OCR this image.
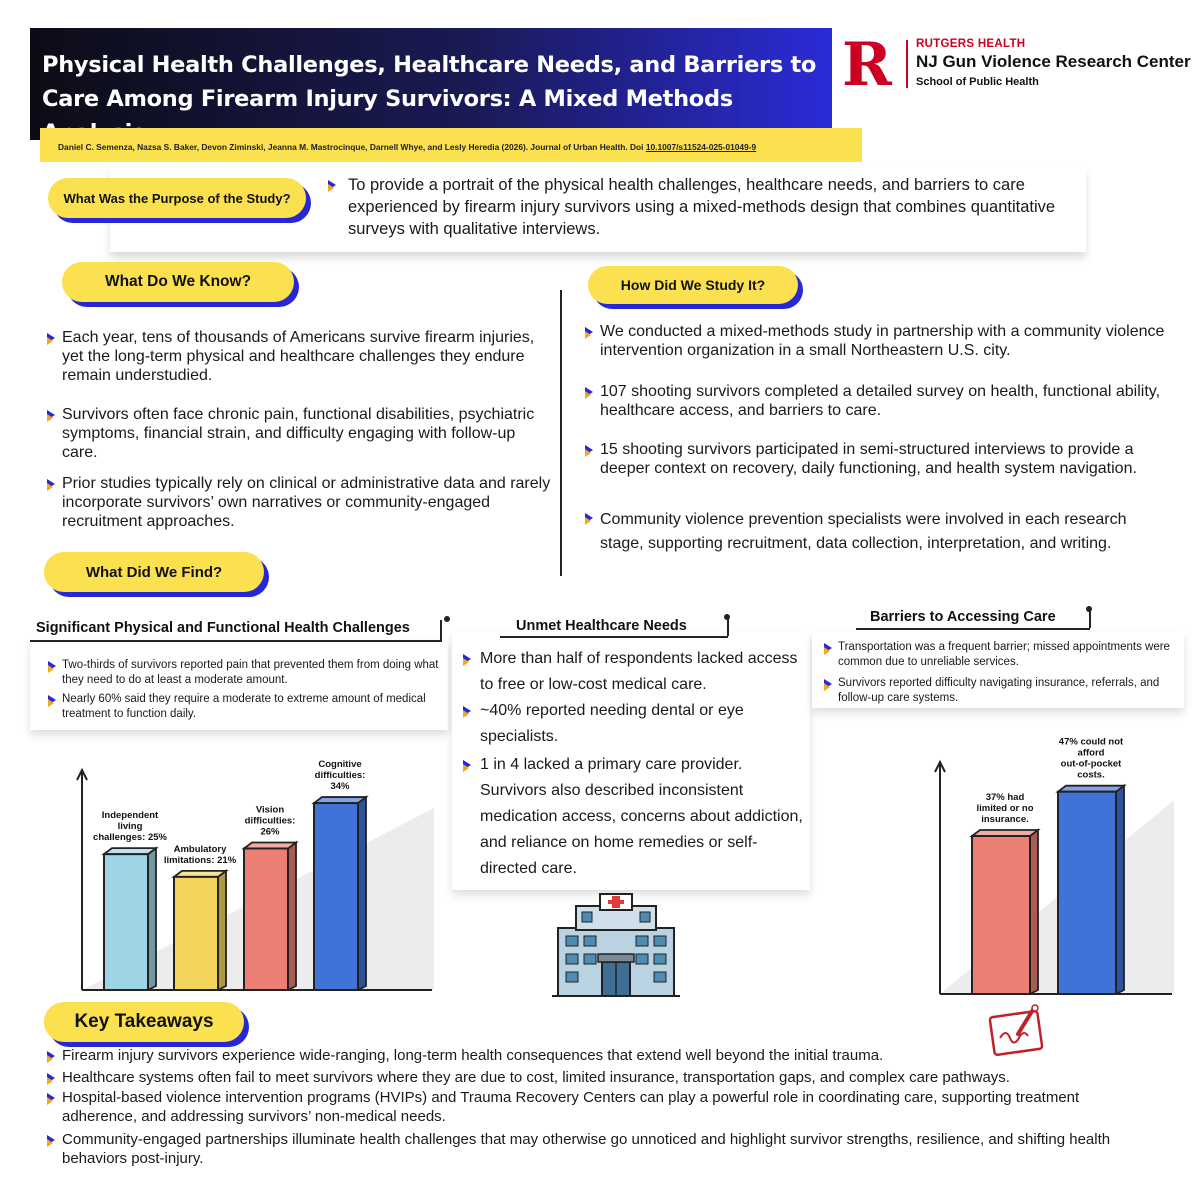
Physical Health Challenges, Healthcare Needs, and Barriers to Care Among Firearm Injury Survivors: A Mixed Methods
Daniel C. Semenza, Nazsa S. Baker, Devon Ziminski, Jeanna M. Mastrocinque, Darnell Whye, and Lesly Heredia (2026). Journal of Urban Health. Doi 10.1007/s11524-025-01049-9
R	RUTGERS HEALTH
NJ Gun Violence Research Center
School of Public Health
What Was the Purpose of the Study?
To provide a portrait of the physical health challenges, healthcare needs, and barriers to care experienced by firearm injury survivors using a mixed-methods design that combines quantitative surveys with qualitative interviews.
What Do We Know?
Each year, tens of thousands of Americans survive firearm injuries, yet the long-term physical and healthcare challenges they endure remain understudied.
Survivors often face chronic pain, functional disabilities, psychiatric symptoms, financial strain, and difficulty engaging with follow-up care.
Prior studies typically rely on clinical or administrative data and rarely incorporate survivors’ own narratives or community-engaged recruitment approaches.
How Did We Study It?
We conducted a mixed-methods study in partnership with a community violence intervention organization in a small Northeastern U.S. city.
107 shooting survivors completed a detailed survey on health, functional ability, healthcare access, and barriers to care.
15 shooting survivors participated in semi-structured interviews to provide a deeper context on recovery, daily functioning, and health system navigation.
Community violence prevention specialists were involved in each research stage, supporting recruitment, data collection, interpretation, and writing.
What Did We Find?
Significant Physical and Functional Health Challenges
Two-thirds of survivors reported pain that prevented them from doing what they need to do at least a moderate amount.
Nearly 60% said they require a moderate to extreme amount of medical treatment to function daily.
Independent living challenges: 25%
Ambulatory limitations: 21%
Vision difficulties: 26%
Cognitive difficulties: 34%
Unmet Healthcare Needs
More than half of respondents lacked access to free or low-cost medical care.
~40% reported needing dental or eye specialists.
1 in 4 lacked a primary care provider. Survivors also described inconsistent medication access, concerns about addiction, and reliance on home remedies or self-directed care.
Barriers to Accessing Care
Transportation was a frequent barrier; missed appointments were common due to unreliable services.
Survivors reported difficulty navigating insurance, referrals, and follow-up care systems.
37% had limited or no insurance.
47% could not afford out-of-pocket costs.
Key Takeaways
Firearm injury survivors experience wide-ranging, long-term health consequences that extend well beyond the initial trauma.
Healthcare systems often fail to meet survivors where they are due to cost, limited insurance, transportation gaps, and complex care pathways.
Hospital-based violence intervention programs (HVIPs) and Trauma Recovery Centers can play a powerful role in coordinating care, supporting treatment adherence, and addressing survivors’ non-medical needs.
Community-engaged partnerships illuminate health challenges that may otherwise go unnoticed and highlight survivor strengths, resilience, and shifting health behaviors post-injury.
